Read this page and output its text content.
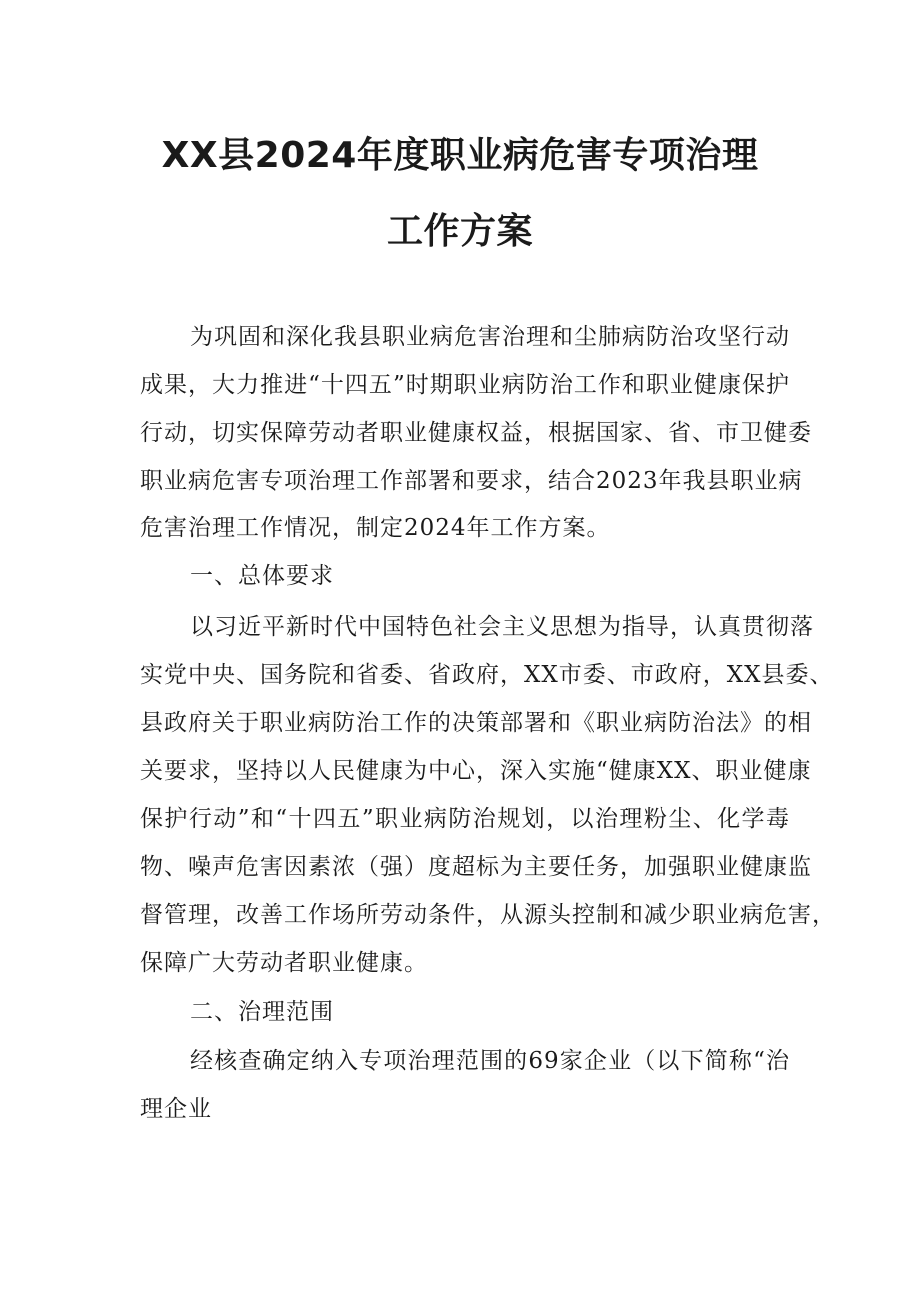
XX县2024年度职业病危害专项治理
工作方案
为巩固和深化我县职业病危害治理和尘肺病防治攻坚行动
成果，大力推进“十四五”时期职业病防治工作和职业健康保护
行动，切实保障劳动者职业健康权益，根据国家、省、市卫健委
职业病危害专项治理工作部署和要求，结合2023年我县职业病
危害治理工作情况，制定2024年工作方案。
一、总体要求
以习近平新时代中国特色社会主义思想为指导，认真贯彻落
实党中央、国务院和省委、省政府，XX市委、市政府，XX县委、
县政府关于职业病防治工作的决策部署和《职业病防治法》的相
关要求，坚持以人民健康为中心，深入实施“健康XX、职业健康
保护行动”和“十四五”职业病防治规划，以治理粉尘、化学毒
物、噪声危害因素浓（强）度超标为主要任务，加强职业健康监
督管理，改善工作场所劳动条件，从源头控制和减少职业病危害，
保障广大劳动者职业健康。
二、治理范围
经核查确定纳入专项治理范围的69家企业（以下简称“治
理企业
